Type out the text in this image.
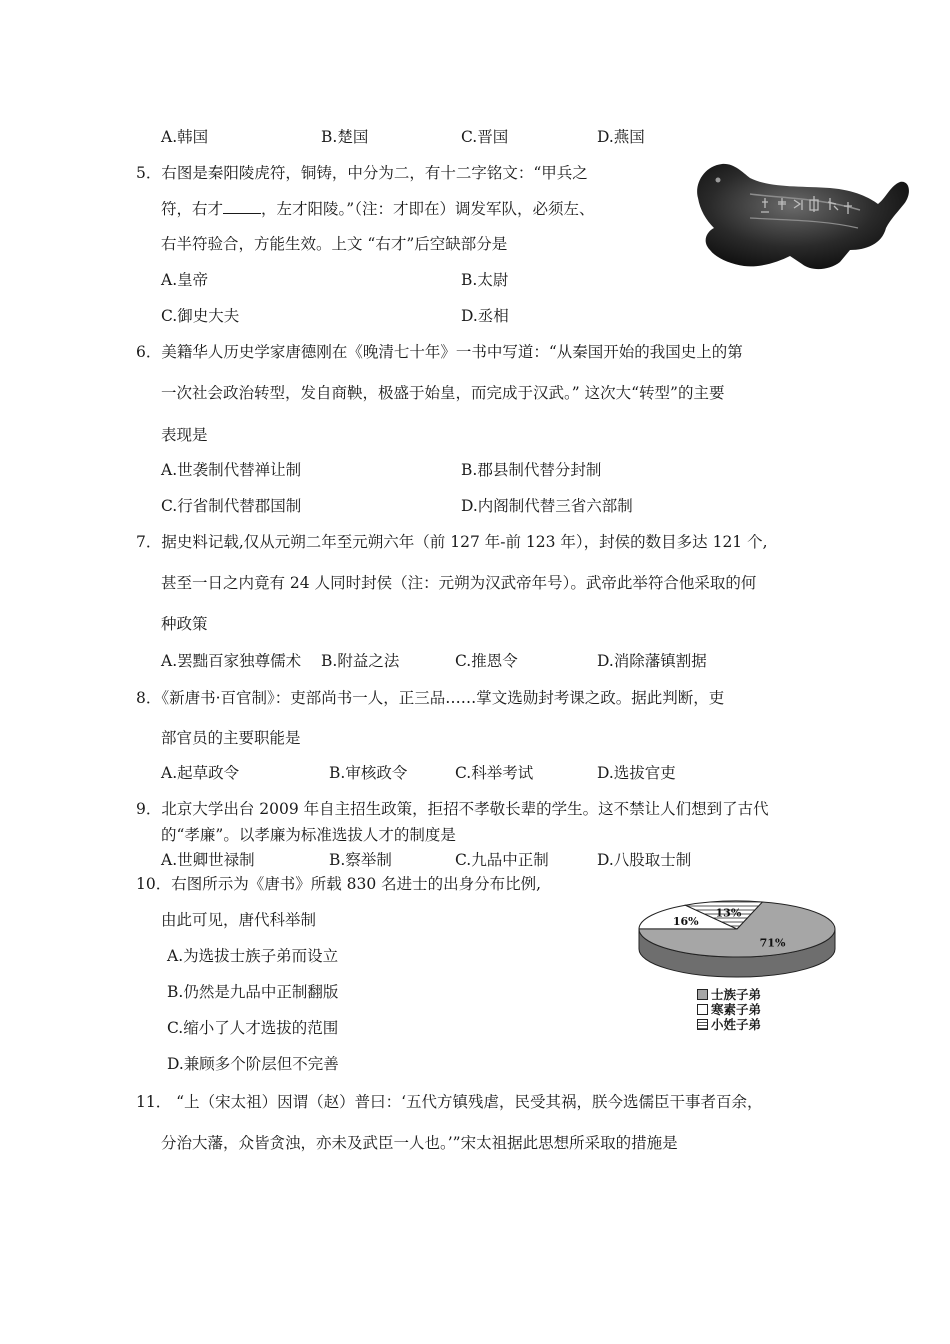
A.韩国	B.楚国	C.晋国	D.燕国
5．右图是秦阳陵虎符，铜铸，中分为二，有十二字铭文：“甲兵之
符，右才 ，左才阳陵。”（注：才即在）调发军队，必须左、
右半符验合，方能生效。上文 “右才”后空缺部分是
A.皇帝	B.太尉
C.御史大夫	D.丞相
6．美籍华人历史学家唐德刚在《晚清七十年》一书中写道：“从秦国开始的我国史上的第
一次社会政治转型，发自商鞅，极盛于始皇，而完成于汉武。” 这次大“转型”的主要
表现是
A.世袭制代替禅让制	B.郡县制代替分封制
C.行省制代替郡国制	D.内阁制代替三省六部制
7．据史料记载,仅从元朔二年至元朔六年（前 127 年-前 123 年），封侯的数目多达 121 个,
甚至一日之内竟有 24 人同时封侯（注：元朔为汉武帝年号）。武帝此举符合他采取的何
种政策
A.罢黜百家独尊儒术 B.附益之法	C.推恩令	D.消除藩镇割据
8．《新唐书·百官制》：吏部尚书一人，正三品……掌文选勋封考课之政。据此判断，吏
部官员的主要职能是
A.起草政令	B.审核政令	C.科举考试	D.选拔官吏
9．北京大学出台 2009 年自主招生政策，拒招不孝敬长辈的学生。这不禁让人们想到了古代
的“孝廉”。以孝廉为标准选拔人才的制度是
A.世卿世禄制	B.察举制	C.九品中正制	D.八股取士制
10．右图所示为《唐书》所载 830 名进士的出身分布比例,
由此可见，唐代科举制
A.为选拔士族子弟而设立
B.仍然是九品中正制翻版
C.缩小了人才选拔的范围
D.兼顾多个阶层但不完善
71%
16%
13%
士族子弟
寒素子弟
小姓子弟
11． “上（宋太祖）因谓（赵）普曰：‘五代方镇残虐，民受其祸，朕今选儒臣干事者百余，
分治大藩，众皆贪浊，亦未及武臣一人也。’”宋太祖据此思想所采取的措施是
